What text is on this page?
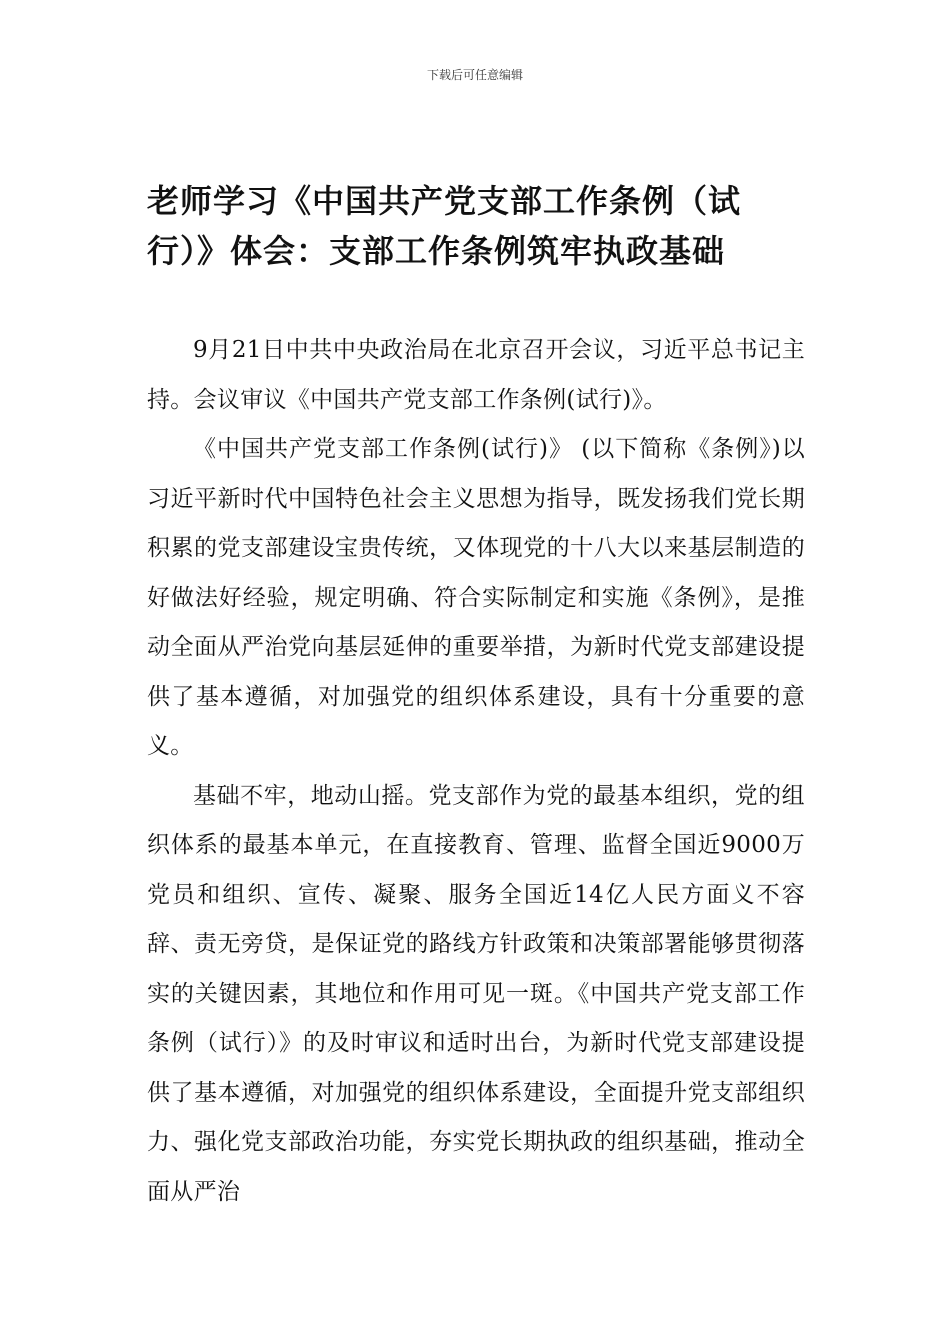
下载后可任意编辑
老师学习《中国共产党支部工作条例（试行）》体会：支部工作条例筑牢执政基础

9月21日中共中央政治局在北京召开会议，习近平总书记主持。会议审议《中国共产党支部工作条例(试行)》。

《中国共产党支部工作条例(试行)》 (以下简称《条例》)以习近平新时代中国特色社会主义思想为指导，既发扬我们党长期积累的党支部建设宝贵传统，又体现党的十八大以来基层制造的好做法好经验，规定明确、符合实际制定和实施《条例》，是推动全面从严治党向基层延伸的重要举措，为新时代党支部建设提供了基本遵循，对加强党的组织体系建设，具有十分重要的意义。

基础不牢，地动山摇。党支部作为党的最基本组织，党的组织体系的最基本单元，在直接教育、管理、监督全国近9000万党员和组织、宣传、凝聚、服务全国近14亿人民方面义不容辞、责无旁贷，是保证党的路线方针政策和决策部署能够贯彻落实的关键因素，其地位和作用可见一斑。《中国共产党支部工作条例（试行）》的及时审议和适时出台，为新时代党支部建设提供了基本遵循，对加强党的组织体系建设，全面提升党支部组织力、强化党支部政治功能，夯实党长期执政的组织基础，推动全面从严治
